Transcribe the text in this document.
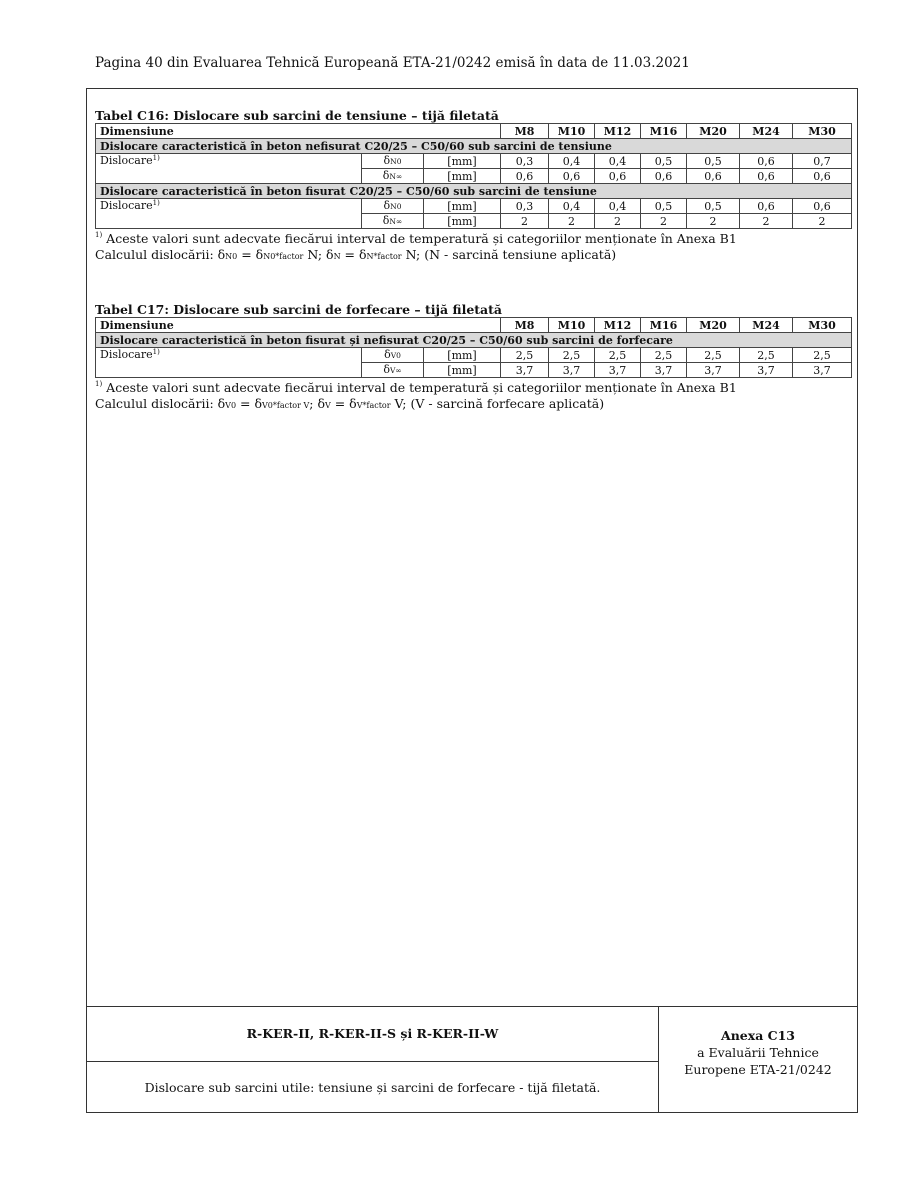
Pagina 40 din Evaluarea Tehnică Europeană ETA-21/0242 emisă în data de 11.03.2021
Tabel C16: Dislocare sub sarcini de tensiune – tijă filetată
Dimensiune			M8	M10	M12	M16	M20	M24	M30
Dislocare caracteristică în beton nefisurat C20/25 – C50/60 sub sarcini de tensiune									
Dislocare$^{1)}$	δN0	[mm]	0,3	0,4	0,4	0,5	0,5	0,6	0,7
	δN∞	[mm]	0,6	0,6	0,6	0,6	0,6	0,6	0,6
Dislocare caracteristică în beton fisurat C20/25 – C50/60 sub sarcini de tensiune									
Dislocare$^{1)}$	δN0	[mm]	0,3	0,4	0,4	0,5	0,5	0,6	0,6
	δN∞	[mm]	2	2	2	2	2	2	2
$^{1)}$ Aceste valori sunt adecvate fiecărui interval de temperatură și categoriilor menționate în Anexa B1
Calculul dislocării: δN0 = δN0*factor N; δN = δN*factor N; (N - sarcină tensiune aplicată)
Tabel C17: Dislocare sub sarcini de forfecare – tijă filetată
Dimensiune			M8	M10	M12	M16	M20	M24	M30
Dislocare caracteristică în beton fisurat și nefisurat C20/25 – C50/60 sub sarcini de forfecare									
Dislocare$^{1)}$	δV0	[mm]	2,5	2,5	2,5	2,5	2,5	2,5	2,5
	δV∞	[mm]	3,7	3,7	3,7	3,7	3,7	3,7	3,7
$^{1)}$ Aceste valori sunt adecvate fiecărui interval de temperatură și categoriilor menționate în Anexa B1
Calculul dislocării: δV0 = δV0*factor V; δV = δV*factor V; (V - sarcină forfecare aplicată)
R-KER-II, R-KER-II-S și R-KER-II-W
Dislocare sub sarcini utile: tensiune și sarcini de forfecare - tijă filetată.
Anexa C13
a Evaluării Tehnice
Europene ETA-21/0242
